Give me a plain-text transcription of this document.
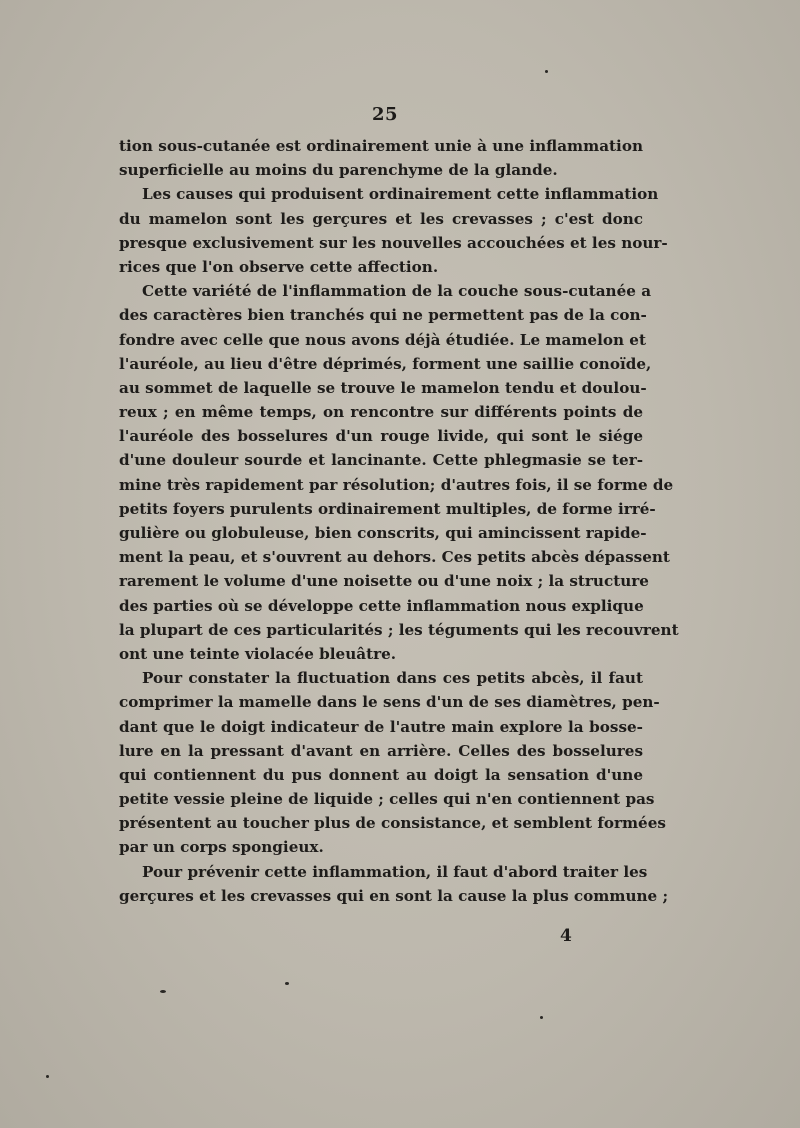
25
tion sous-cutanée est ordinairement unie à une inflammation
superficielle au moins du parenchyme de la glande.
Les causes qui produisent ordinairement cette inflammation
du mamelon sont les gerçures et les crevasses ; c'est donc
presque exclusivement sur les nouvelles accouchées et les nour-
rices que l'on observe cette affection.
Cette variété de l'inflammation de la couche sous-cutanée a
des caractères bien tranchés qui ne permettent pas de la con-
fondre avec celle que nous avons déjà étudiée. Le mamelon et
l'auréole, au lieu d'être déprimés, forment une saillie conoïde,
au sommet de laquelle se trouve le mamelon tendu et doulou-
reux ; en même temps, on rencontre sur différents points de
l'auréole des bosselures d'un rouge livide, qui sont le siége
d'une douleur sourde et lancinante. Cette phlegmasie se ter-
mine très rapidement par résolution; d'autres fois, il se forme de
petits foyers purulents ordinairement multiples, de forme irré-
gulière ou globuleuse, bien conscrits, qui amincissent rapide-
ment la peau, et s'ouvrent au dehors. Ces petits abcès dépassent
rarement le volume d'une noisette ou d'une noix ; la structure
des parties où se développe cette inflammation nous explique
la plupart de ces particularités ; les téguments qui les recouvrent
ont une teinte violacée bleuâtre.
Pour constater la fluctuation dans ces petits abcès, il faut
comprimer la mamelle dans le sens d'un de ses diamètres, pen-
dant que le doigt indicateur de l'autre main explore la bosse-
lure en la pressant d'avant en arrière. Celles des bosselures
qui contiennent du pus donnent au doigt la sensation d'une
petite vessie pleine de liquide ; celles qui n'en contiennent pas
présentent au toucher plus de consistance, et semblent formées
par un corps spongieux.
Pour prévenir cette inflammation, il faut d'abord traiter les
gerçures et les crevasses qui en sont la cause la plus commune ;
4
